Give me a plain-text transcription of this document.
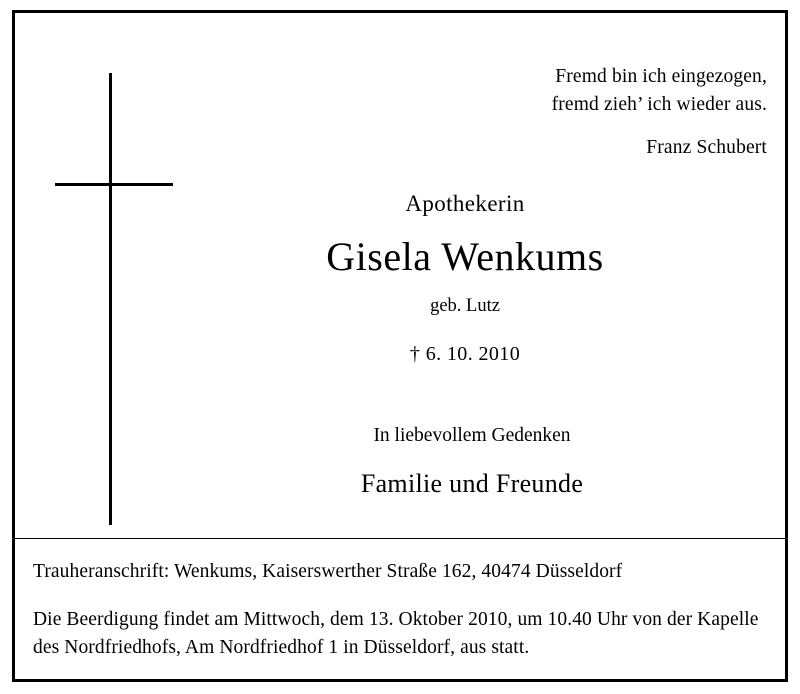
Fremd bin ich eingezogen,
fremd zieh’ ich wieder aus.
Franz Schubert
Apothekerin
Gisela Wenkums
geb. Lutz
† 6. 10. 2010
In liebevollem Gedenken
Familie und Freunde
Trauheranschrift: Wenkums, Kaiserswerther Straße 162, 40474 Düsseldorf
Die Beerdigung findet am Mittwoch, dem 13. Oktober 2010, um 10.40 Uhr von der Kapelle
des Nordfriedhofs, Am Nordfriedhof 1 in Düsseldorf, aus statt.
